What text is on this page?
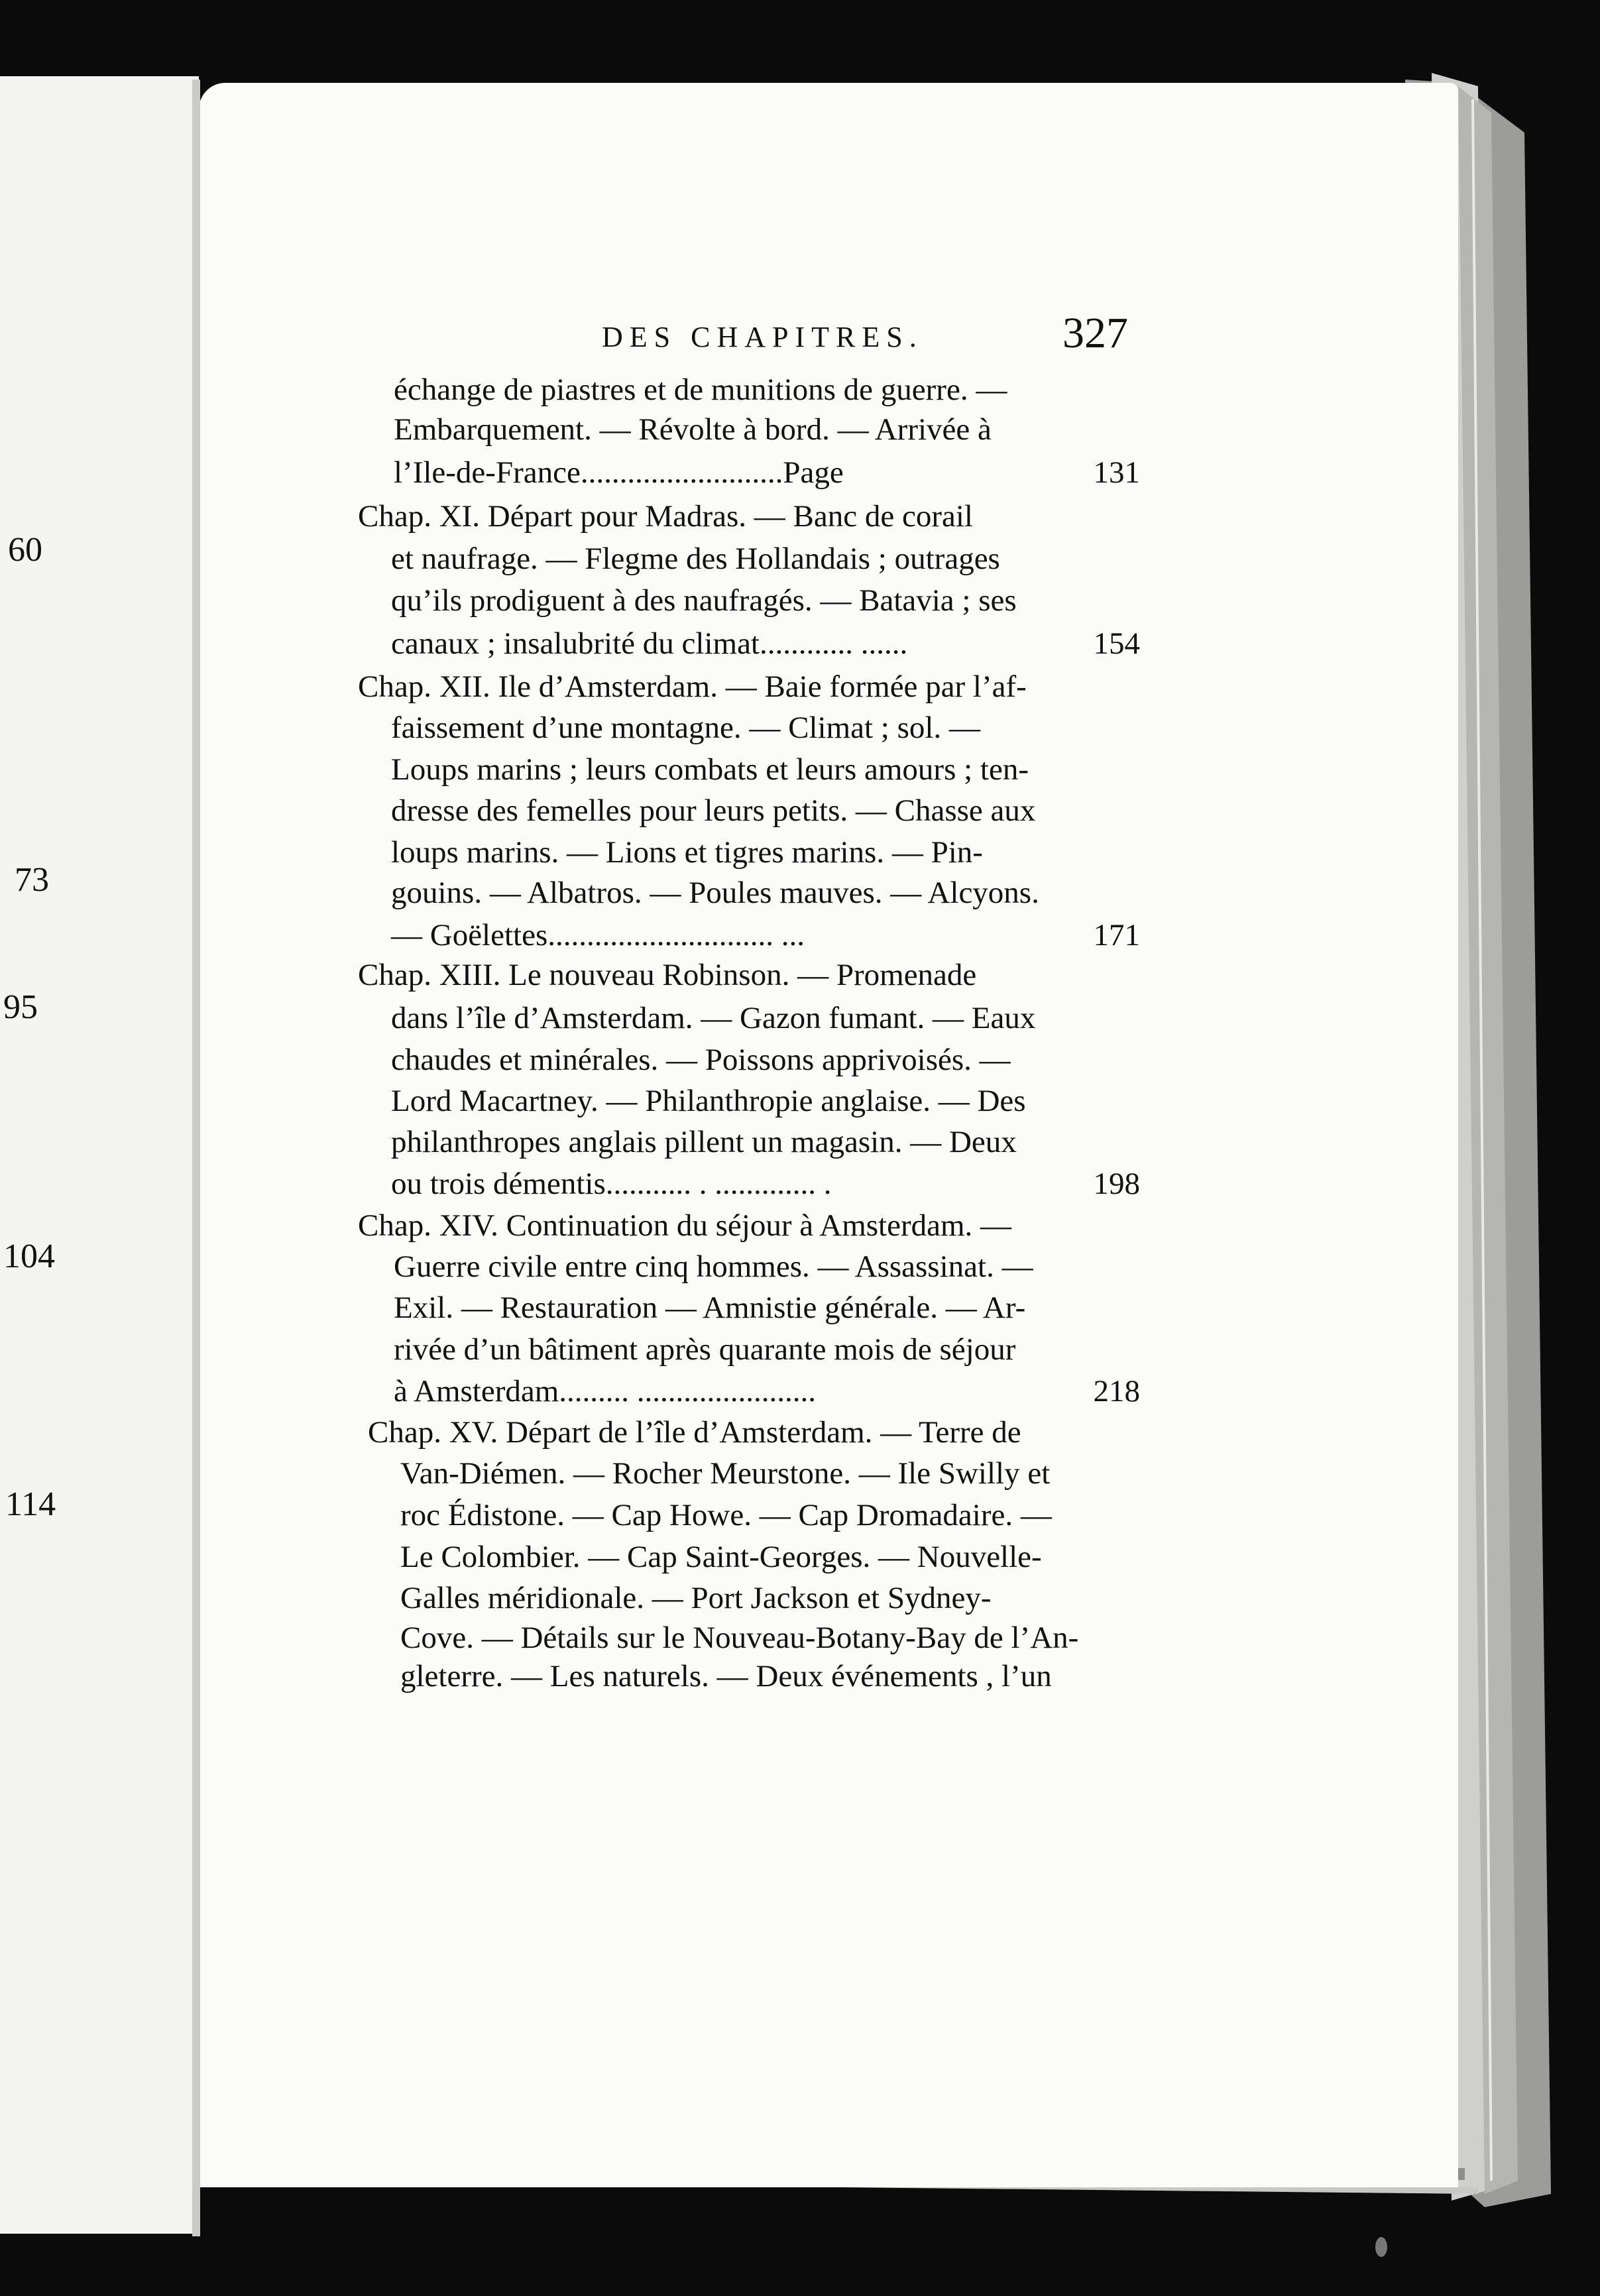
60
73
95
104
114
DES CHAPITRES.	327
échange de piastres et de munitions de guerre. —
Embarquement. — Révolte à bord. — Arrivée à
l’Ile-de-France..........................Page	131
Chap. XI. Départ pour Madras. — Banc de corail
et naufrage. — Flegme des Hollandais ; outrages
qu’ils prodiguent à des naufragés. — Batavia ; ses
canaux ; insalubrité du climat............ ......	154
Chap. XII. Ile d’Amsterdam. — Baie formée par l’af-
faissement d’une montagne. — Climat ; sol. —
Loups marins ; leurs combats et leurs amours ; ten-
dresse des femelles pour leurs petits. — Chasse aux
loups marins. — Lions et tigres marins. — Pin-
gouins. — Albatros. — Poules mauves. — Alcyons.
— Goëlettes............................. ...	171
Chap. XIII. Le nouveau Robinson. — Promenade
dans l’île d’Amsterdam. — Gazon fumant. — Eaux
chaudes et minérales. — Poissons apprivoisés. —
Lord Macartney. — Philanthropie anglaise. — Des
philanthropes anglais pillent un magasin. — Deux
ou trois démentis........... . ............. .	198
Chap. XIV. Continuation du séjour à Amsterdam. —
Guerre civile entre cinq hommes. — Assassinat. —
Exil. — Restauration — Amnistie générale. — Ar-
rivée d’un bâtiment après quarante mois de séjour
à Amsterdam......... .......................	218
Chap. XV. Départ de l’île d’Amsterdam. — Terre de
Van-Diémen. — Rocher Meurstone. — Ile Swilly et
roc Édistone. — Cap Howe. — Cap Dromadaire. —
Le Colombier. — Cap Saint-Georges. — Nouvelle-
Galles méridionale. — Port Jackson et Sydney-
Cove. — Détails sur le Nouveau-Botany-Bay de l’An-
gleterre. — Les naturels. — Deux événements , l’un
